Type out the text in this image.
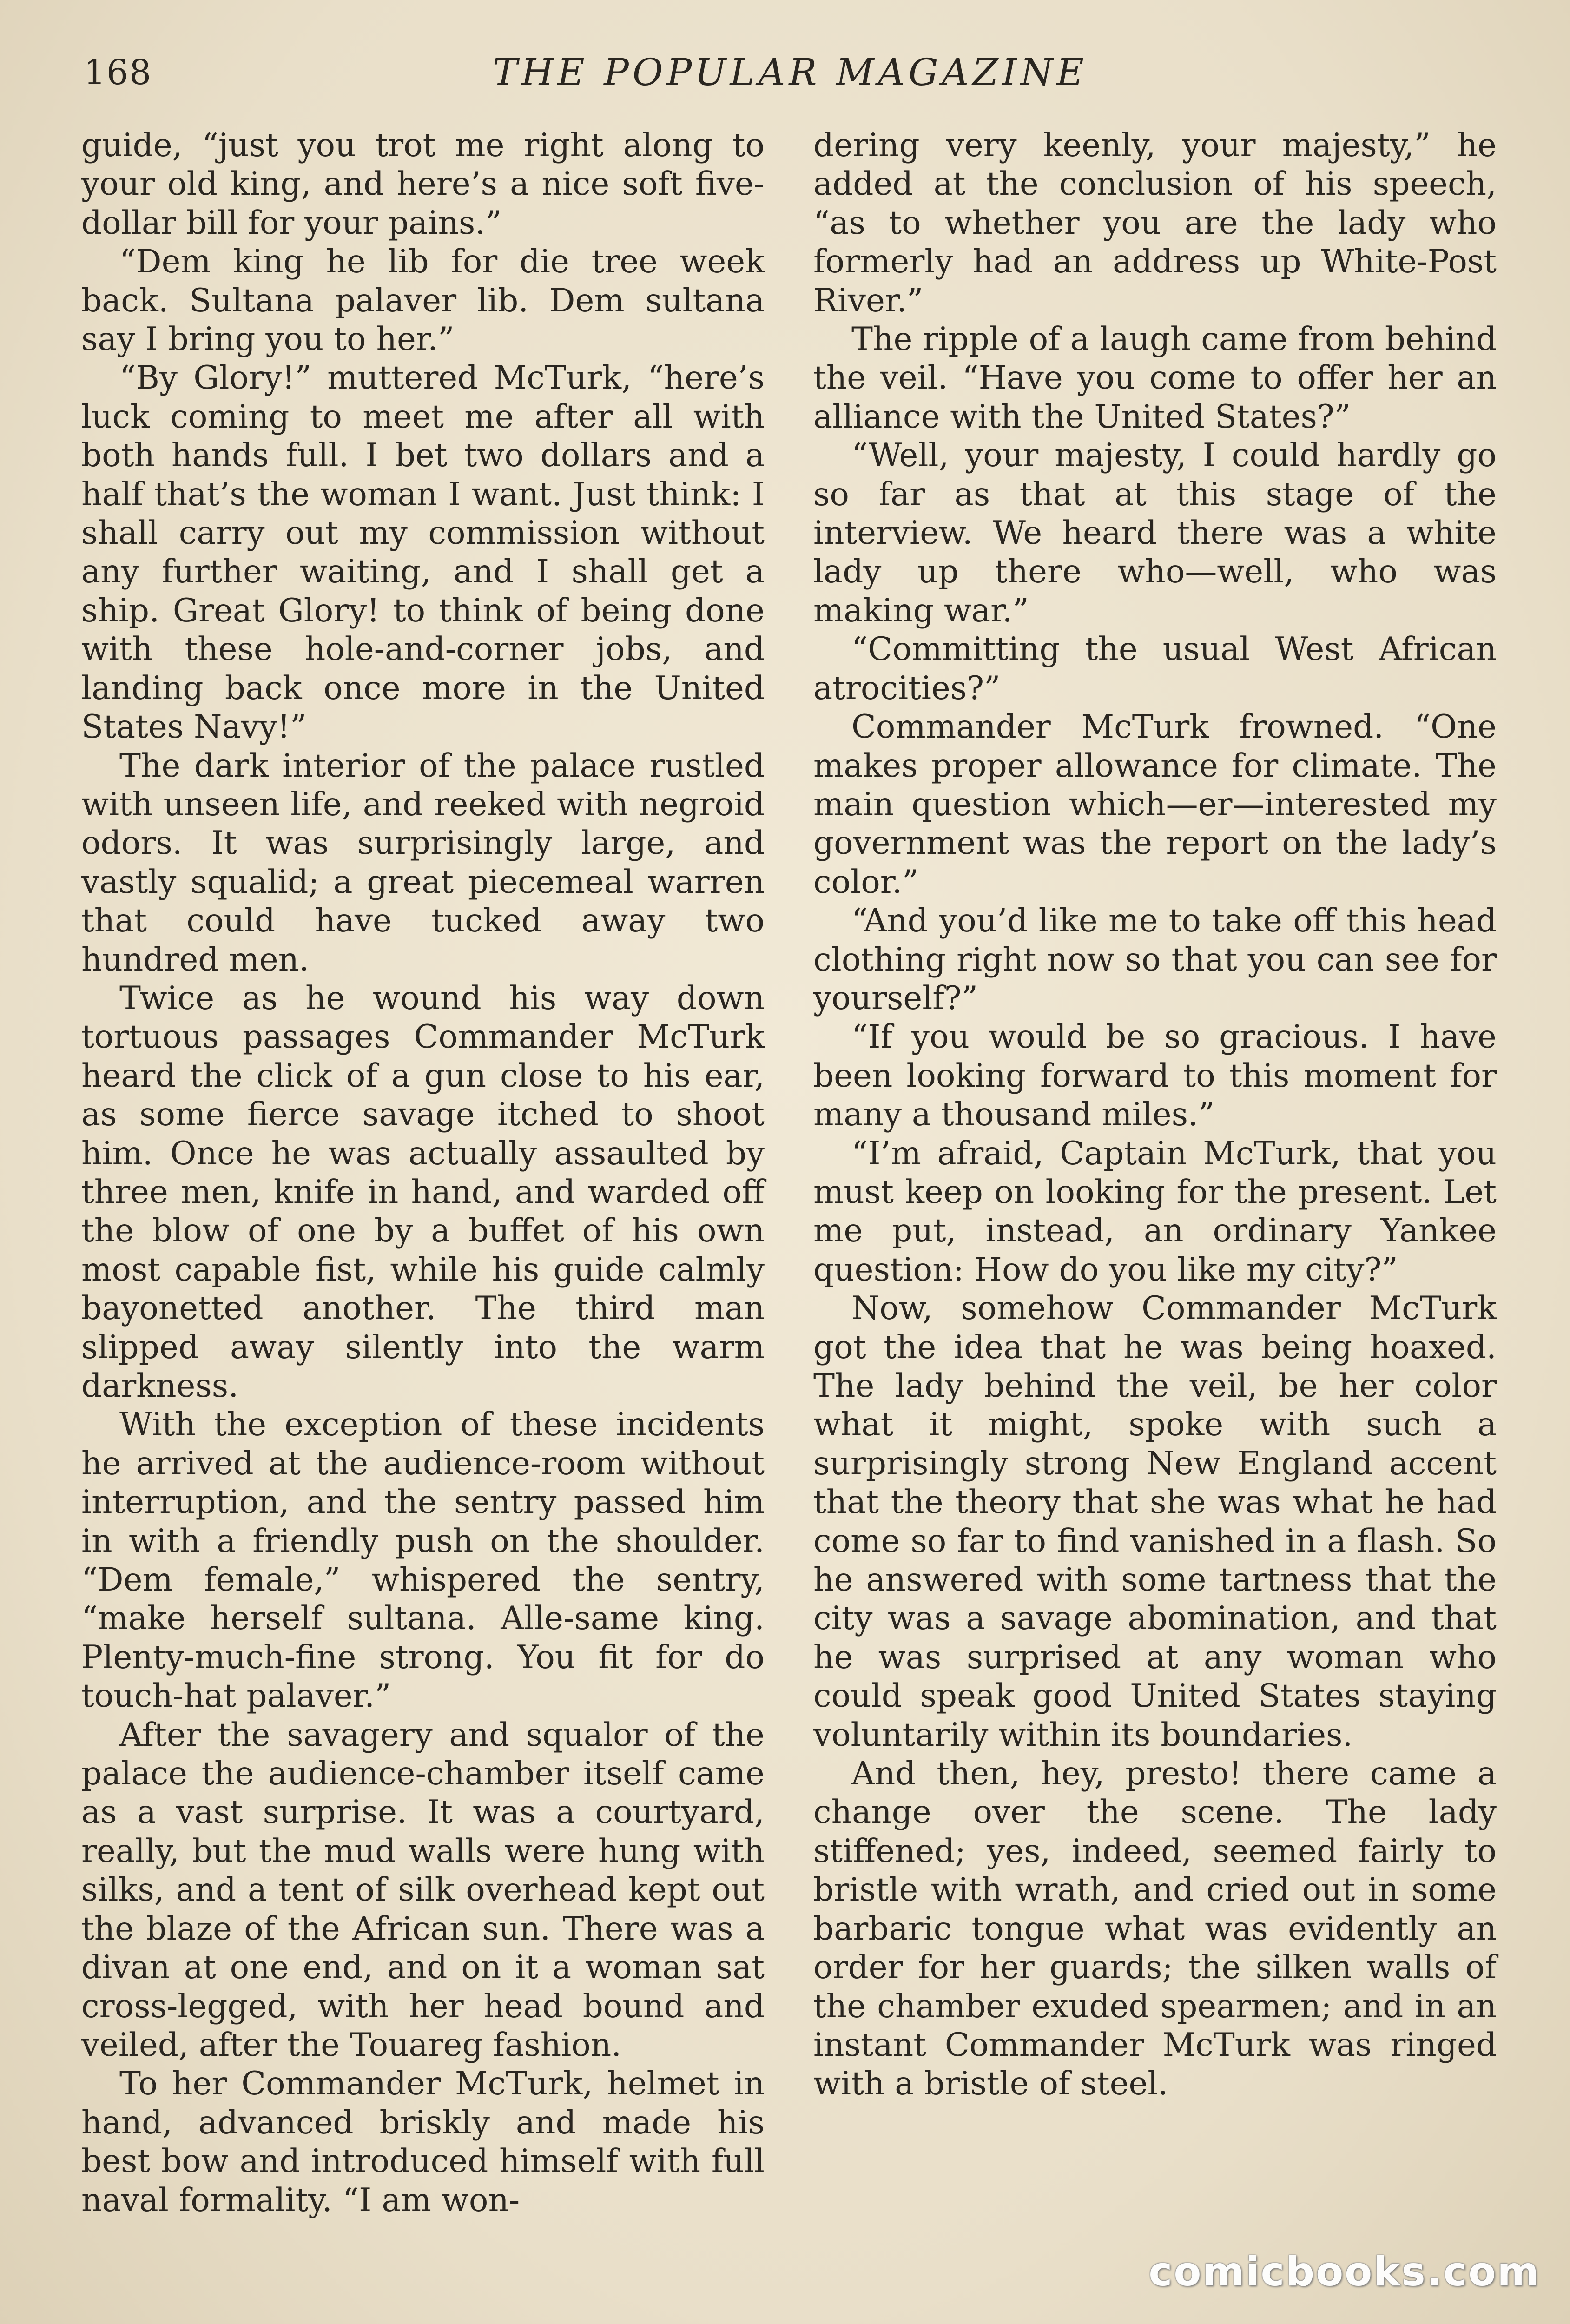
168	THE POPULAR MAGAZINE

guide, “just you trot me right along to your old king, and here’s a nice soft five-dollar bill for your pains.”

“Dem king he lib for die tree week back. Sultana palaver lib. Dem sultana say I bring you to her.”

“By Glory!” muttered McTurk, “here’s luck coming to meet me after all with both hands full. I bet two dollars and a half that’s the woman I want. Just think: I shall carry out my commission without any further waiting, and I shall get a ship. Great Glory! to think of being done with these hole-and-corner jobs, and landing back once more in the United States Navy!”

The dark interior of the palace rustled with unseen life, and reeked with negroid odors. It was surprisingly large, and vastly squalid; a great piecemeal warren that could have tucked away two hundred men.

Twice as he wound his way down tortuous passages Commander McTurk heard the click of a gun close to his ear, as some fierce savage itched to shoot him. Once he was actually assaulted by three men, knife in hand, and warded off the blow of one by a buffet of his own most capable fist, while his guide calmly bayonetted another. The third man slipped away silently into the warm darkness.

With the exception of these incidents he arrived at the audience-room without interruption, and the sentry passed him in with a friendly push on the shoulder. “Dem female,” whispered the sentry, “make herself sultana. Alle-same king. Plenty-much-fine strong. You fit for do touch-hat palaver.”

After the savagery and squalor of the palace the audience-chamber itself came as a vast surprise. It was a courtyard, really, but the mud walls were hung with silks, and a tent of silk overhead kept out the blaze of the African sun. There was a divan at one end, and on it a woman sat cross-legged, with her head bound and veiled, after the Touareg fashion.

To her Commander McTurk, helmet in hand, advanced briskly and made his best bow and introduced himself with full naval formality. “I am won-

dering very keenly, your majesty,” he added at the conclusion of his speech, “as to whether you are the lady who formerly had an address up White-Post River.”

The ripple of a laugh came from behind the veil. “Have you come to offer her an alliance with the United States?”

“Well, your majesty, I could hardly go so far as that at this stage of the interview. We heard there was a white lady up there who—well, who was making war.”

“Committing the usual West African atrocities?”

Commander McTurk frowned. “One makes proper allowance for climate. The main question which—er—interested my government was the report on the lady’s color.”

“And you’d like me to take off this head clothing right now so that you can see for yourself?”

“If you would be so gracious. I have been looking forward to this moment for many a thousand miles.”

“I’m afraid, Captain McTurk, that you must keep on looking for the present. Let me put, instead, an ordinary Yankee question: How do you like my city?”

Now, somehow Commander McTurk got the idea that he was being hoaxed. The lady behind the veil, be her color what it might, spoke with such a surprisingly strong New England accent that the theory that she was what he had come so far to find vanished in a flash. So he answered with some tartness that the city was a savage abomination, and that he was surprised at any woman who could speak good United States staying voluntarily within its boundaries.

And then, hey, presto! there came a change over the scene. The lady stiffened; yes, indeed, seemed fairly to bristle with wrath, and cried out in some barbaric tongue what was evidently an order for her guards; the silken walls of the chamber exuded spearmen; and in an instant Commander McTurk was ringed with a bristle of steel.

comicbooks.com
